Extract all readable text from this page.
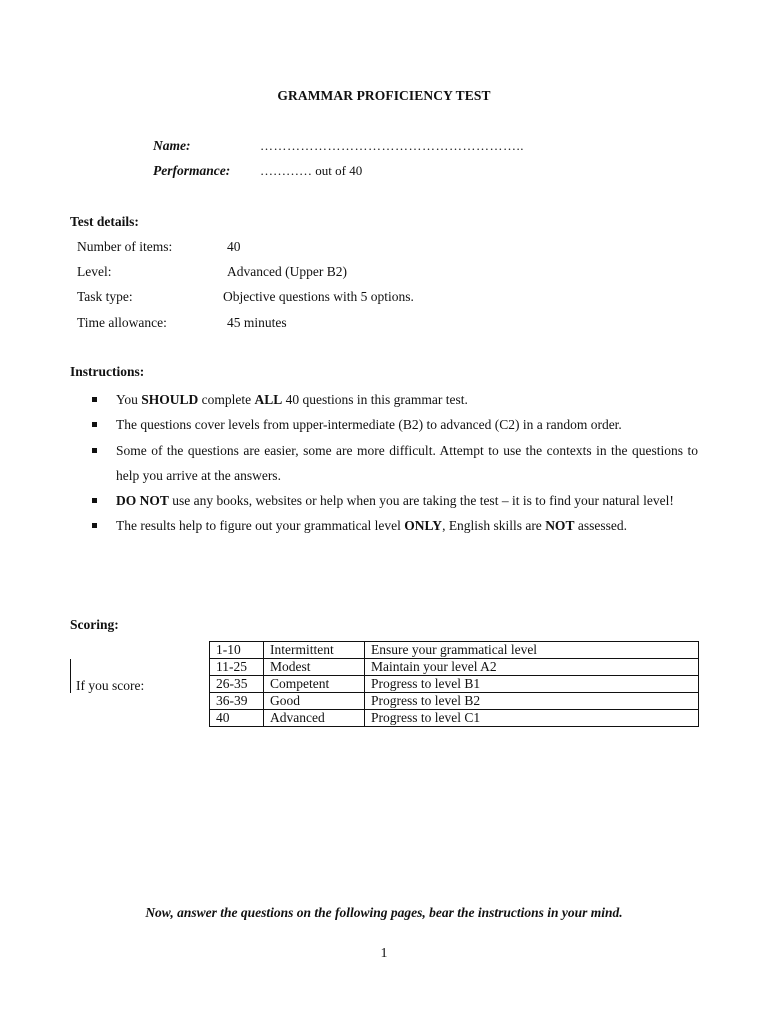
GRAMMAR PROFICIENCY TEST
Name:	…………………………………………………..
Performance: ………… out of 40
Test details:
Number of items:	40
Level:	Advanced (Upper B2)
Task type:	Objective questions with 5 options.
Time allowance:	45 minutes
Instructions:
You SHOULD complete ALL 40 questions in this grammar test.
The questions cover levels from upper-intermediate (B2) to advanced (C2) in a random order.
Some of the questions are easier, some are more difficult. Attempt to use the contexts in the questions to help you arrive at the answers.
DO NOT use any books, websites or help when you are taking the test – it is to find your natural level!
The results help to figure out your grammatical level ONLY, English skills are NOT assessed.
Scoring:
If you score:
1-10	Intermittent	Ensure your grammatical level
11-25	Modest	Maintain your level A2
26-35	Competent	Progress to level B1
36-39	Good	Progress to level B2
40	Advanced	Progress to level C1
Now, answer the questions on the following pages, bear the instructions in your mind.
1
